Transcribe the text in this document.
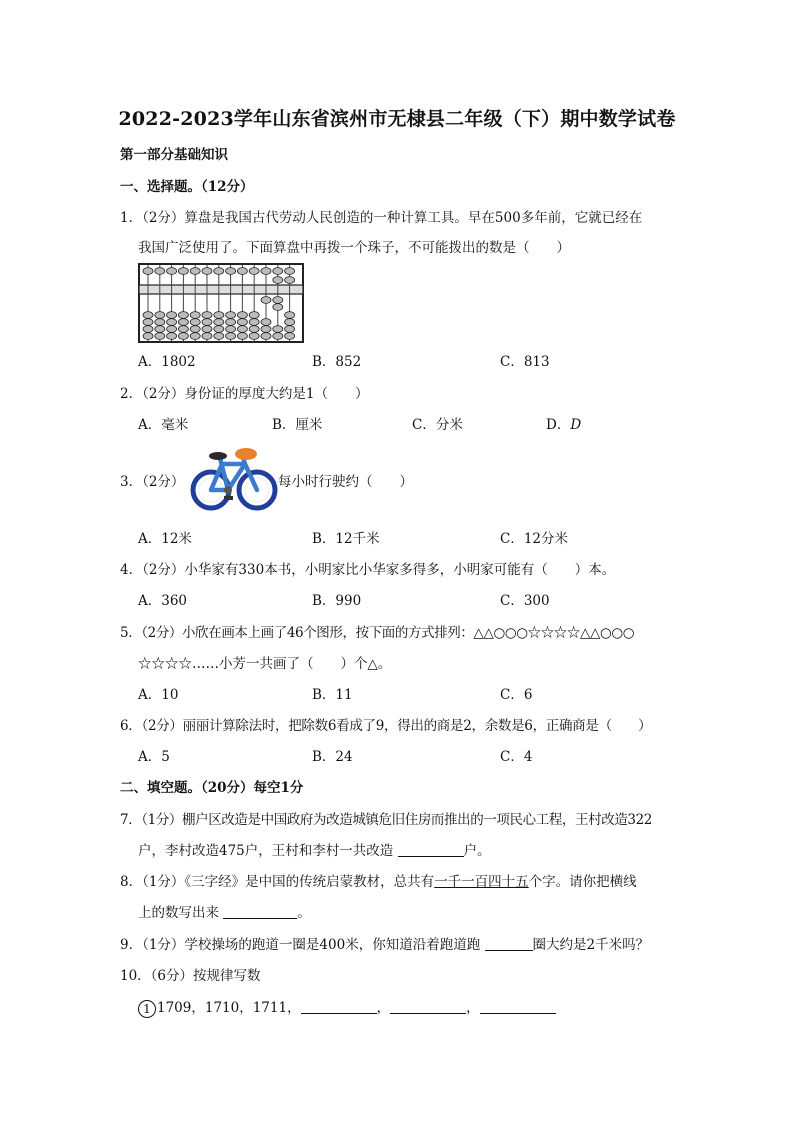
2022-2023学年山东省滨州市无棣县二年级（下）期中数学试卷
第一部分基础知识
一、选择题。（12分）
1．（2分）算盘是我国古代劳动人民创造的一种计算工具。早在500多年前，它就已经在
我国广泛使用了。下面算盘中再拨一个珠子，不可能拨出的数是（　　）
A．1802	B．852	C．813
2．（2分）身份证的厚度大约是1（　　）
A．毫米	B．厘米	C．分米	D．D
3．（2分）	每小时行驶约（　　）
A．12米	B．12千米	C．12分米
4．（2分）小华家有330本书，小明家比小华家多得多，小明家可能有（　　）本。
A．360	B．990	C．300
5．（2分）小欣在画本上画了46个图形，按下面的方式排列：△△○○○☆☆☆☆△△○○○
☆☆☆☆……小芳一共画了（　　）个△。
A．10	B．11	C．6
6．（2分）丽丽计算除法时，把除数6看成了9，得出的商是2，余数是6，正确商是（　　）
A．5	B．24	C．4
二、填空题。（20分）每空1分
7．（1分）棚户区改造是中国政府为改造城镇危旧住房而推出的一项民心工程，王村改造322
户，李村改造475户，王村和李村一共改造	户。
8．（1分）《三字经》是中国的传统启蒙教材，总共有一千一百四十五个字。请你把横线
上的数写出来	。
9．（1分）学校操场的跑道一圈是400米，你知道沿着跑道跑	圈大约是2千米吗？
10．（6分）按规律写数
1 1709，1710，1711，	，	，
